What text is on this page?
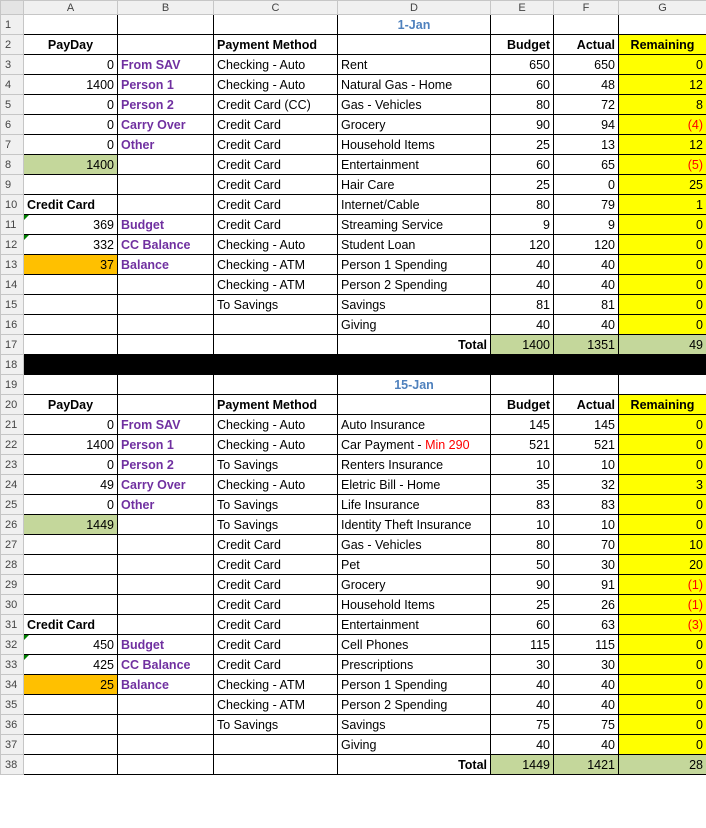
	A	B	C	D	E	F	G
1				1-Jan			
2	PayDay		Payment Method		Budget	Actual	Remaining
3	0	From SAV	Checking - Auto	Rent	650	650	0
4	1400	Person 1	Checking - Auto	Natural Gas - Home	60	48	12
5	0	Person 2	Credit Card (CC)	Gas - Vehicles	80	72	8
6	0	Carry Over	Credit Card	Grocery	90	94	(4)
7	0	Other	Credit Card	Household Items	25	13	12
8	1400		Credit Card	Entertainment	60	65	(5)
9			Credit Card	Hair Care	25	0	25
10	Credit Card		Credit Card	Internet/Cable	80	79	1
11	369	Budget	Credit Card	Streaming Service	9	9	0
12	332	CC Balance	Checking - Auto	Student Loan	120	120	0
13	37	Balance	Checking - ATM	Person 1 Spending	40	40	0
14			Checking - ATM	Person 2 Spending	40	40	0
15			To Savings	Savings	81	81	0
16				Giving	40	40	0
17				Total	1400	1351	49
18							
19				15-Jan			
20	PayDay		Payment Method		Budget	Actual	Remaining
21	0	From SAV	Checking - Auto	Auto Insurance	145	145	0
22	1400	Person 1	Checking - Auto	Car Payment - Min 290	521	521	0
23	0	Person 2	To Savings	Renters Insurance	10	10	0
24	49	Carry Over	Checking - Auto	Eletric Bill - Home	35	32	3
25	0	Other	To Savings	Life Insurance	83	83	0
26	1449		To Savings	Identity Theft Insurance	10	10	0
27			Credit Card	Gas - Vehicles	80	70	10
28			Credit Card	Pet	50	30	20
29			Credit Card	Grocery	90	91	(1)
30			Credit Card	Household Items	25	26	(1)
31	Credit Card		Credit Card	Entertainment	60	63	(3)
32	450	Budget	Credit Card	Cell Phones	115	115	0
33	425	CC Balance	Credit Card	Prescriptions	30	30	0
34	25	Balance	Checking - ATM	Person 1 Spending	40	40	0
35			Checking - ATM	Person 2 Spending	40	40	0
36			To Savings	Savings	75	75	0
37				Giving	40	40	0
38				Total	1449	1421	28
